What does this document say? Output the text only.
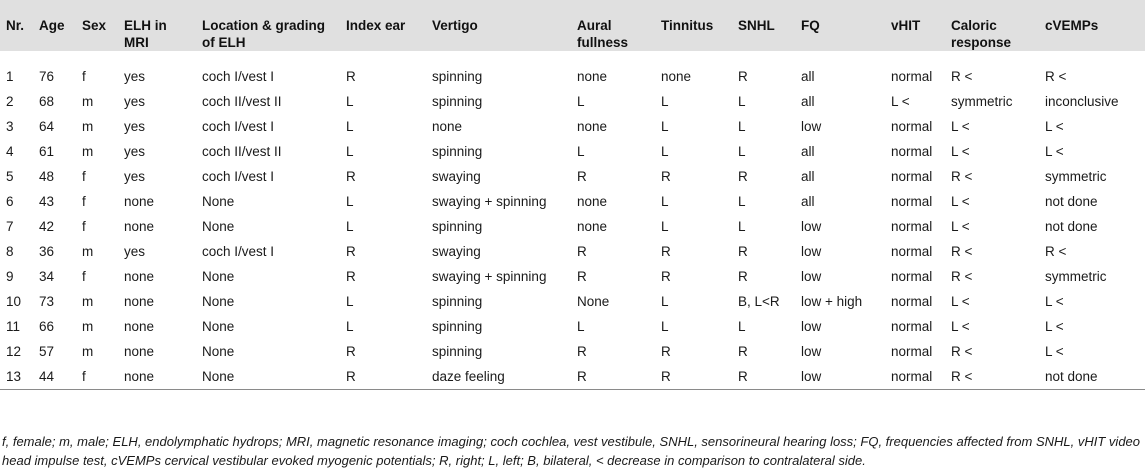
Nr.	Age	Sex	ELH in MRI	Location & grading of ELH	Index ear	Vertigo	Aural fullness	Tinnitus	SNHL	FQ	vHIT	Caloric response	cVEMPs

1	76	f	yes	coch I/vest I	R	spinning	none	none	R	all	normal	R <	R <
2	68	m	yes	coch II/vest II	L	spinning	L	L	L	all	L <	symmetric	inconclusive
3	64	m	yes	coch I/vest I	L	none	none	L	L	low	normal	L <	L <
4	61	m	yes	coch II/vest II	L	spinning	L	L	L	all	normal	L <	L <
5	48	f	yes	coch I/vest I	R	swaying	R	R	R	all	normal	R <	symmetric
6	43	f	none	None	L	swaying + spinning	none	L	L	all	normal	L <	not done
7	42	f	none	None	L	spinning	none	L	L	low	normal	L <	not done
8	36	m	yes	coch I/vest I	R	swaying	R	R	R	low	normal	R <	R <
9	34	f	none	None	R	swaying + spinning	R	R	R	low	normal	R <	symmetric
10	73	m	none	None	L	spinning	None	L	B, L<R	low + high	normal	L <	L <
11	66	m	none	None	L	spinning	L	L	L	low	normal	L <	L <
12	57	m	none	None	R	spinning	R	R	R	low	normal	R <	L <
13	44	f	none	None	R	daze feeling	R	R	R	low	normal	R <	not done
f, female; m, male; ELH, endolymphatic hydrops; MRI, magnetic resonance imaging; coch cochlea, vest vestibule, SNHL, sensorineural hearing loss; FQ, frequencies affected from SNHL, vHIT video head impulse test, cVEMPs cervical vestibular evoked myogenic potentials; R, right; L, left; B, bilateral, < decrease in comparison to contralateral side.
